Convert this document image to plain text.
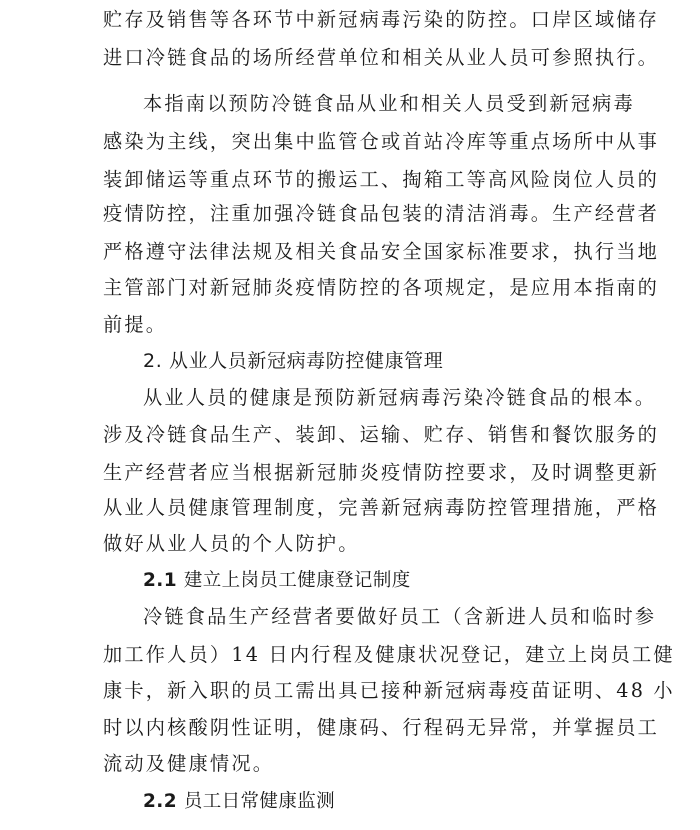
贮存及销售等各环节中新冠病毒污染的防控。口岸区域储存
进口冷链食品的场所经营单位和相关从业人员可参照执行。
本指南以预防冷链食品从业和相关人员受到新冠病毒
感染为主线，突出集中监管仓或首站冷库等重点场所中从事
装卸储运等重点环节的搬运工、掏箱工等高风险岗位人员的
疫情防控，注重加强冷链食品包装的清洁消毒。生产经营者
严格遵守法律法规及相关食品安全国家标准要求，执行当地
主管部门对新冠肺炎疫情防控的各项规定，是应用本指南的
前提。
2. 从业人员新冠病毒防控健康管理
从业人员的健康是预防新冠病毒污染冷链食品的根本。
涉及冷链食品生产、装卸、运输、贮存、销售和餐饮服务的
生产经营者应当根据新冠肺炎疫情防控要求，及时调整更新
从业人员健康管理制度，完善新冠病毒防控管理措施，严格
做好从业人员的个人防护。
2.1 建立上岗员工健康登记制度
冷链食品生产经营者要做好员工（含新进人员和临时参
加工作人员）14 日内行程及健康状况登记，建立上岗员工健
康卡，新入职的员工需出具已接种新冠病毒疫苗证明、48 小
时以内核酸阴性证明，健康码、行程码无异常，并掌握员工
流动及健康情况。
2.2 员工日常健康监测
